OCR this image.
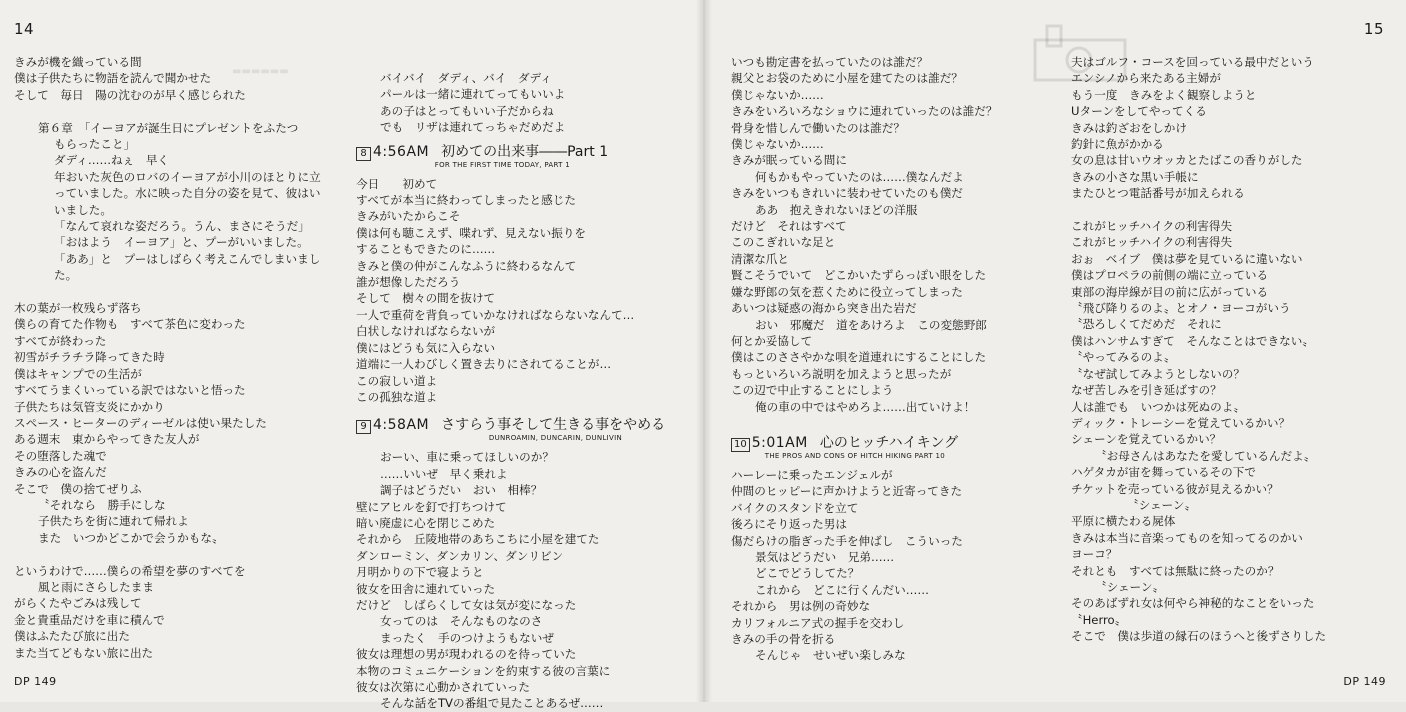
14
▬▬▬▬▬▬

きみが機を織っている間

僕は子供たちに物語を読んで聞かせた

そして　毎日　陽の沈むのが早く感じられた

第６章　「イーヨアが誕生日にプレゼントをふたつ

もらったこと」

ダディ……ねぇ　早く

年おいた灰色のロバのイーヨアが小川のほとりに立

っていました。水に映った自分の姿を見て、彼はい

いました。

「なんて哀れな姿だろう。うん、まさにそうだ」

「おはよう　イーヨア」と、プーがいいました。

「ああ」と　プーはしばらく考えこんでしまいまし

た。

木の葉が一枚残らず落ち

僕らの育てた作物も　すべて茶色に変わった

すべてが終わった

初雪がチラチラ降ってきた時

僕はキャンプでの生活が

すべてうまくいっている訳ではないと悟った

子供たちは気管支炎にかかり

スペース・ヒーターのディーゼルは使い果たした

ある週末　東からやってきた友人が

その堕落した魂で

きみの心を盗んだ

そこで　僕の捨てぜりふ

〝それなら　勝手にしな

子供たちを街に連れて帰れよ

また　いつかどこかで会うかもな〟

というわけで……僕らの希望を夢のすべてを

風と雨にさらしたまま

がらくたやごみは残して

金と貴重品だけを車に積んで

僕はふたたび旅に出た

また当てどもない旅に出た

バイバイ　ダディ、バイ　ダディ

パールは一緒に連れてってもいいよ

あの子はとってもいい子だからね

でも　リザは連れてっちゃだめだよ

8 4:56AM 初めての出来事――Part 1
FOR THE FIRST TIME TODAY, PART 1

今日　　初めて

すべてが本当に終わってしまったと感じた

きみがいたからこそ

僕は何も聴こえず、喋れず、見えない振りを

することもできたのに……

きみと僕の仲がこんなふうに終わるなんて

誰が想像しただろう

そして　樹々の間を抜けて

一人で重荷を背負っていかなければならないなんて…

白状しなければならないが

僕にはどうも気に入らない

道端に一人わびしく置き去りにされてることが…

この寂しい道よ

この孤独な道よ

9 4:58AM さすらう事そして生きる事をやめる
DUNROAMIN, DUNCARIN, DUNLIVIN

おーい、車に乗ってほしいのか？

……いいぜ　早く乗れよ

調子はどうだい　おい　相棒？

壁にアヒルを釘で打ちつけて

暗い廃虚に心を閉じこめた

それから　丘陵地帯のあちこちに小屋を建てた

ダンローミン、ダンカリン、ダンリビン

月明かりの下で寝ようと

彼女を田舎に連れていった

だけど　しばらくして女は気が変になった

女ってのは　そんなものなのさ

まったく　手のつけようもないぜ

彼女は理想の男が現われるのを待っていた

本物のコミュニケーションを約束する彼の言葉に

彼女は次第に心動かされていった

そんな話をTVの番組で見たことあるぜ……

DP 149
15

いつも勘定書を払っていたのは誰だ？

親父とお袋のために小屋を建てたのは誰だ？

僕じゃないか……

きみをいろいろなショウに連れていったのは誰だ？

骨身を惜しんで働いたのは誰だ？

僕じゃないか……

きみが眠っている間に

何もかもやっていたのは……僕なんだよ

きみをいつもきれいに装わせていたのも僕だ

ああ　抱えきれないほどの洋服

だけど　それはすべて

このこぎれいな足と

清潔な爪と

賢こそうでいて　どこかいたずらっぽい眼をした

嫌な野郎の気を惹くために役立ってしまった

あいつは疑惑の海から突き出た岩だ

おい　邪魔だ　道をあけろよ　この変態野郎

何とか妥協して

僕はこのささやかな唄を道連れにすることにした

もっといろいろ説明を加えようと思ったが

この辺で中止することにしよう

俺の車の中ではやめろよ……出ていけよ！

10 5:01AM 心のヒッチハイキング
THE PROS AND CONS OF HITCH HIKING PART 10

ハーレーに乗ったエンジェルが

仲間のヒッピーに声かけようと近寄ってきた

バイクのスタンドを立て

後ろにそり返った男は

傷だらけの脂ぎった手を伸ばし　こういった

景気はどうだい　兄弟……

どこでどうしてた？

これから　どこに行くんだい……

それから　男は例の奇妙な

カリフォルニア式の握手を交わし

きみの手の骨を折る

そんじゃ　せいぜい楽しみな

夫はゴルフ・コースを回っている最中だという

エンシノから来たある主婦が

もう一度　きみをよく観察しようと

Uターンをしてやってくる

きみは釣ざおをしかけ

釣針に魚がかかる

女の息は甘いウオッカとたばこの香りがした

きみの小さな黒い手帳に

またひとつ電話番号が加えられる

これがヒッチハイクの利害得失

これがヒッチハイクの利害得失

おぉ　ベイブ　僕は夢を見ているに違いない

僕はプロペラの前側の端に立っている

東部の海岸線が目の前に広がっている

〝飛び降りるのよ〟とオノ・ヨーコがいう

〝恐ろしくてだめだ　それに

僕はハンサムすぎて　そんなことはできない〟

〝やってみるのよ〟

〝なぜ試してみようとしないの？

なぜ苦しみを引き延ばすの？

人は誰でも　いつかは死ぬのよ〟

ディック・トレーシーを覚えているかい？

シェーンを覚えているかい？

〝お母さんはあなたを愛しているんだよ〟

ハゲタカが宙を舞っているその下で

チケットを売っている彼が見えるかい？

〝シェーン〟

平原に横たわる屍体

きみは本当に音楽ってものを知ってるのかい

ヨーコ？

それとも　すべては無駄に終ったのか？

〝シェーン〟

そのあばずれ女は何やら神秘的なことをいった

〝Herro〟

そこで　僕は歩道の縁石のほうへと後ずさりした

DP 149
